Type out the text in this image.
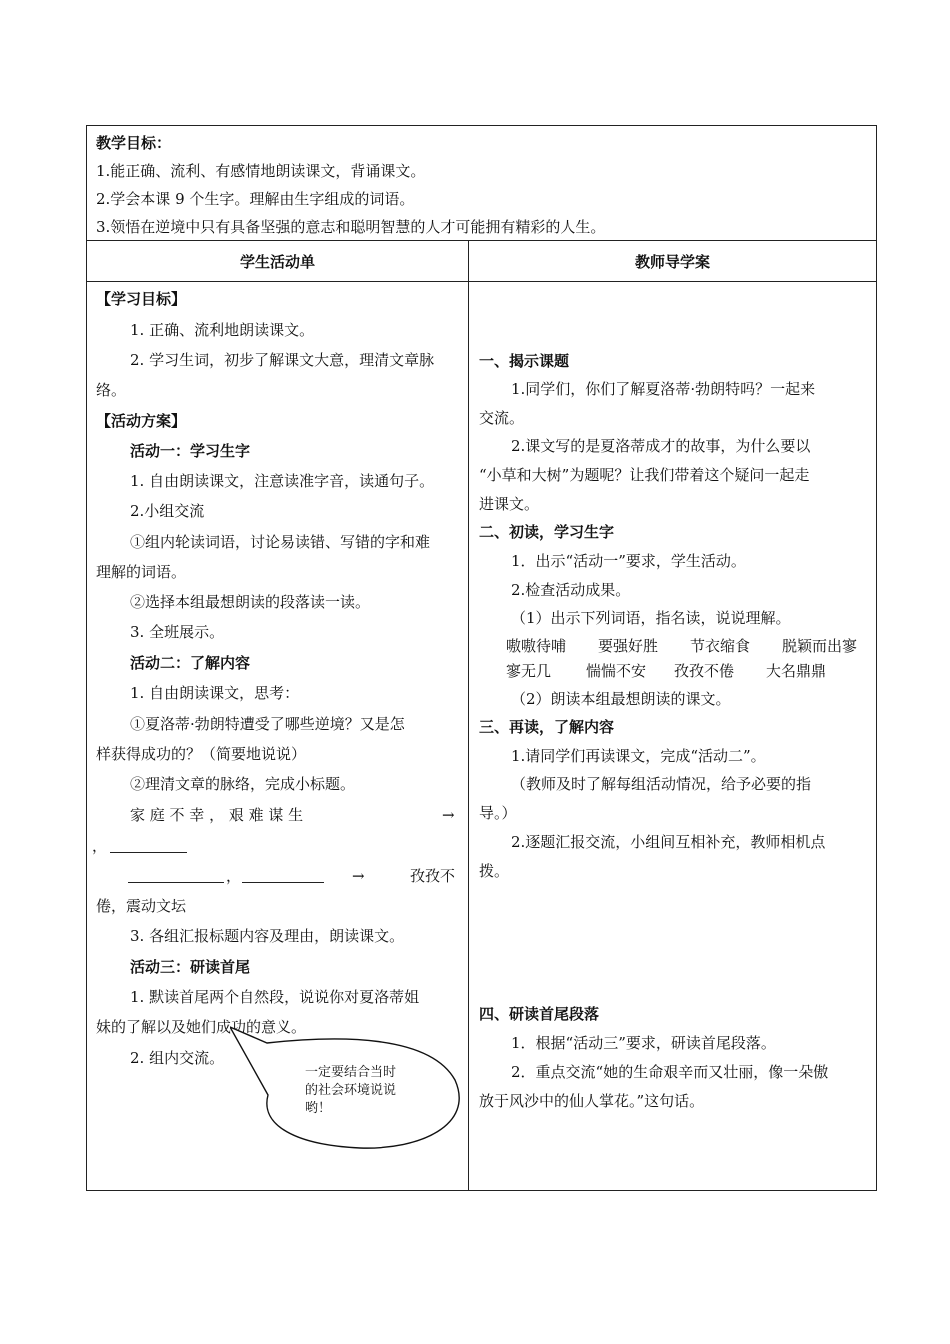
教学目标：
1.能正确、流利、有感情地朗读课文，背诵课文。
2.学会本课 9 个生字。理解由生字组成的词语。
3.领悟在逆境中只有具备坚强的意志和聪明智慧的人才可能拥有精彩的人生。
学生活动单	教师导学案
【学习目标】
1. 正确、流利地朗读课文。
2. 学习生词，初步了解课文大意，理清文章脉
络。
【活动方案】
活动一：学习生字
1. 自由朗读课文，注意读准字音，读通句子。
2.小组交流
①组内轮读词语，讨论易读错、写错的字和难
理解的词语。
②选择本组最想朗读的段落读一读。
3. 全班展示。
活动二：了解内容
1. 自由朗读课文，思考：
①夏洛蒂·勃朗特遭受了哪些逆境？又是怎
样获得成功的？（简要地说说）
②理清文章的脉络，完成小标题。
家 庭 不 幸 ， 艰 难 谋 生	→
，
，	→	孜孜不
倦，震动文坛
3. 各组汇报标题内容及理由，朗读课文。
活动三：研读首尾
1. 默读首尾两个自然段，说说你对夏洛蒂姐
妹的了解以及她们成功的意义。
2. 组内交流。
一定要结合当时
的社会环境说说
哟！
一、揭示课题
1.同学们，你们了解夏洛蒂·勃朗特吗？一起来
交流。
2.课文写的是夏洛蒂成才的故事，为什么要以
“小草和大树”为题呢？让我们带着这个疑问一起走
进课文。
二、初读，学习生字
1．出示“活动一”要求，学生活动。
2.检查活动成果。
（1）出示下列词语，指名读，说说理解。
嗷嗷待哺 要强好胜 节衣缩食 脱颖而出寥
寥无几 惴惴不安 孜孜不倦 大名鼎鼎
（2）朗读本组最想朗读的课文。
三、再读，了解内容
1.请同学们再读课文，完成“活动二”。
（教师及时了解每组活动情况，给予必要的指
导。）
2.逐题汇报交流，小组间互相补充，教师相机点
拨。
四、研读首尾段落
1．根据“活动三”要求，研读首尾段落。
2．重点交流“她的生命艰辛而又壮丽，像一朵傲
放于风沙中的仙人掌花。”这句话。
